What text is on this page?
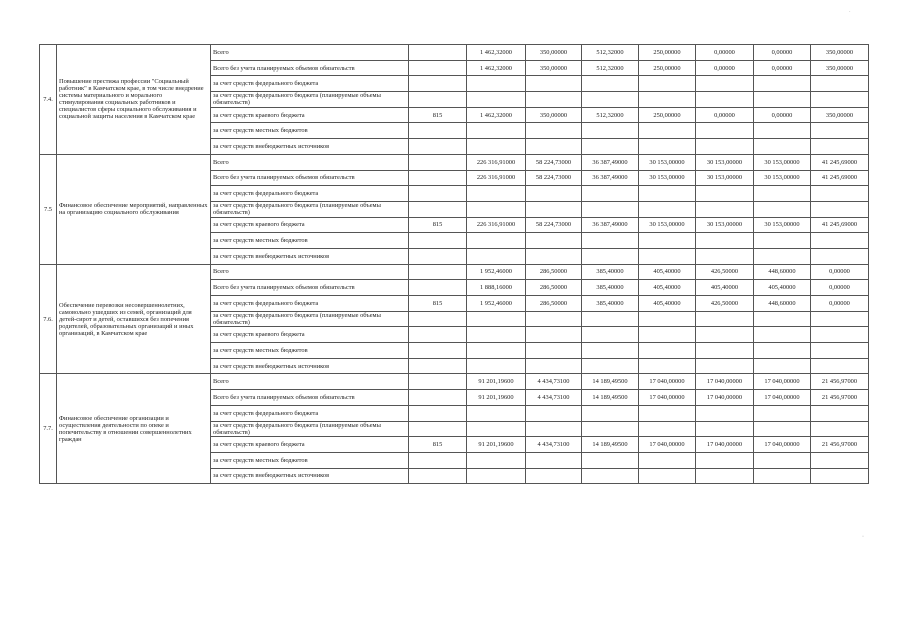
·
·
7.4.	Повышение престижа профессии "Социальный работник" в Камчатском крае, в том числе внедрение системы материального и морального стимулирования социальных работников и специалистов сферы социального обслуживания и социальной защиты населения в Камчатском крае	Всего		1 462,32000	350,00000	512,32000	250,00000	0,00000	0,00000	350,00000
		Всего без учета планируемых объемов обязательств		1 462,32000	350,00000	512,32000	250,00000	0,00000	0,00000	350,00000
		за счет средств федерального бюджета								
		за счет средств федерального бюджета (планируемые объемы обязательств)								
		за счет средств краевого бюджета	815	1 462,32000	350,00000	512,32000	250,00000	0,00000	0,00000	350,00000
		за счет средств местных бюджетов								
		за счет средств внебюджетных источников								
7.5	Финансовое обеспечение мероприятий, направленных на организацию социального обслуживания	Всего		226 316,91000	58 224,73000	36 387,49000	30 153,00000	30 153,00000	30 153,00000	41 245,69000
		Всего без учета планируемых объемов обязательств		226 316,91000	58 224,73000	36 387,49000	30 153,00000	30 153,00000	30 153,00000	41 245,69000
		за счет средств федерального бюджета								
		за счет средств федерального бюджета (планируемые объемы обязательств)								
		за счет средств краевого бюджета	815	226 316,91000	58 224,73000	36 387,49000	30 153,00000	30 153,00000	30 153,00000	41 245,69000
		за счет средств местных бюджетов								
		за счет средств внебюджетных источников								
7.6.	Обеспечение перевозки несовершеннолетних, самовольно ушедших из семей, организаций для детей-сирот и детей, оставшихся без попечения родителей, образовательных организаций и иных организаций, в Камчатском крае	Всего		1 952,46000	286,50000	385,40000	405,40000	426,50000	448,60000	0,00000
		Всего без учета планируемых объемов обязательств		1 888,16000	286,50000	385,40000	405,40000	405,40000	405,40000	0,00000
		за счет средств федерального бюджета	815	1 952,46000	286,50000	385,40000	405,40000	426,50000	448,60000	0,00000
		за счет средств федерального бюджета (планируемые объемы обязательств)								
		за счет средств краевого бюджета								
		за счет средств местных бюджетов								
		за счет средств внебюджетных источников								
7.7.	Финансовое обеспечение организации и осуществления деятельности по опеке и попечительству в отношении совершеннолетних граждан	Всего		91 201,19600	4 434,73100	14 189,49500	17 040,00000	17 040,00000	17 040,00000	21 456,97000
		Всего без учета планируемых объемов обязательств		91 201,19600	4 434,73100	14 189,49500	17 040,00000	17 040,00000	17 040,00000	21 456,97000
		за счет средств федерального бюджета								
		за счет средств федерального бюджета (планируемые объемы обязательств)								
		за счет средств краевого бюджета	815	91 201,19600	4 434,73100	14 189,49500	17 040,00000	17 040,00000	17 040,00000	21 456,97000
		за счет средств местных бюджетов								
		за счет средств внебюджетных источников								
